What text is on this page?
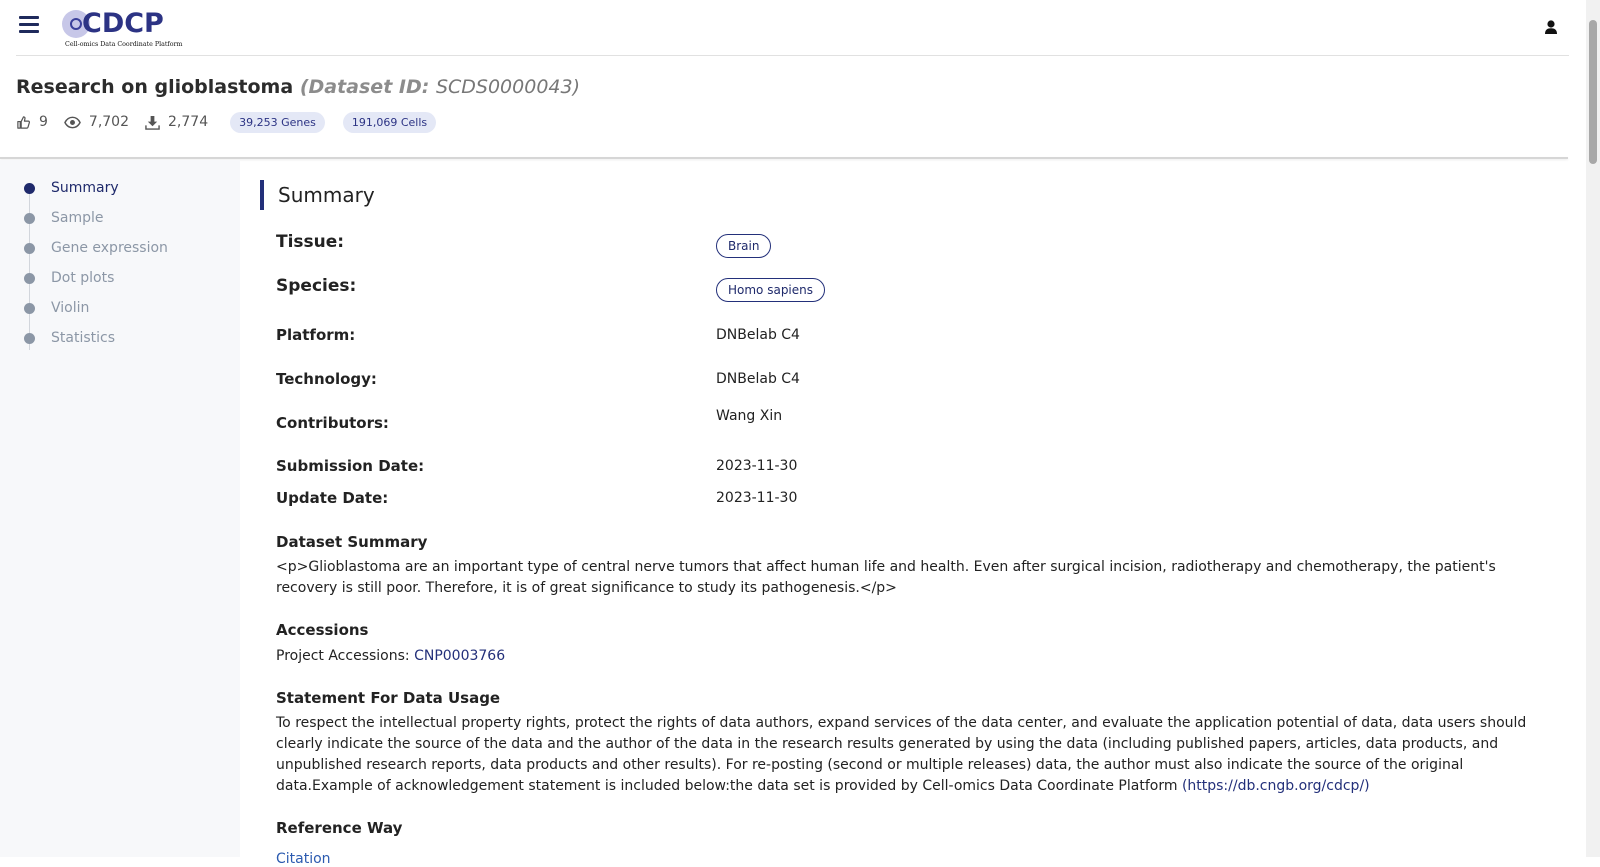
CDCP
Cell-omics Data Coordinate Platform
Research on glioblastoma (Dataset ID: SCDS0000043)
9	7,702	2,774	39,253 Genes	191,069 Cells
Summary
Sample
Gene expression
Dot plots
Violin
Statistics
Summary
Tissue:	Brain
Species:	Homo sapiens
Platform:	DNBelab C4
Technology:	DNBelab C4
Contributors:	Wang Xin
Submission Date:	2023-11-30
Update Date:	2023-11-30
Dataset Summary
<p>Glioblastoma are an important type of central nerve tumors that affect human life and health. Even after surgical incision, radiotherapy and chemotherapy, the patient's recovery is still poor. Therefore, it is of great significance to study its pathogenesis.</p>
Accessions
Project Accessions: CNP0003766
Statement For Data Usage
To respect the intellectual property rights, protect the rights of data authors, expand services of the data center, and evaluate the application potential of data, data users should clearly indicate the source of the data and the author of the data in the research results generated by using the data (including published papers, articles, data products, and unpublished research reports, data products and other results). For re-posting (second or multiple releases) data, the author must also indicate the source of the original data.Example of acknowledgement statement is included below:the data set is provided by Cell-omics Data Coordinate Platform (https://db.cngb.org/cdcp/)
Reference Way
Citation
